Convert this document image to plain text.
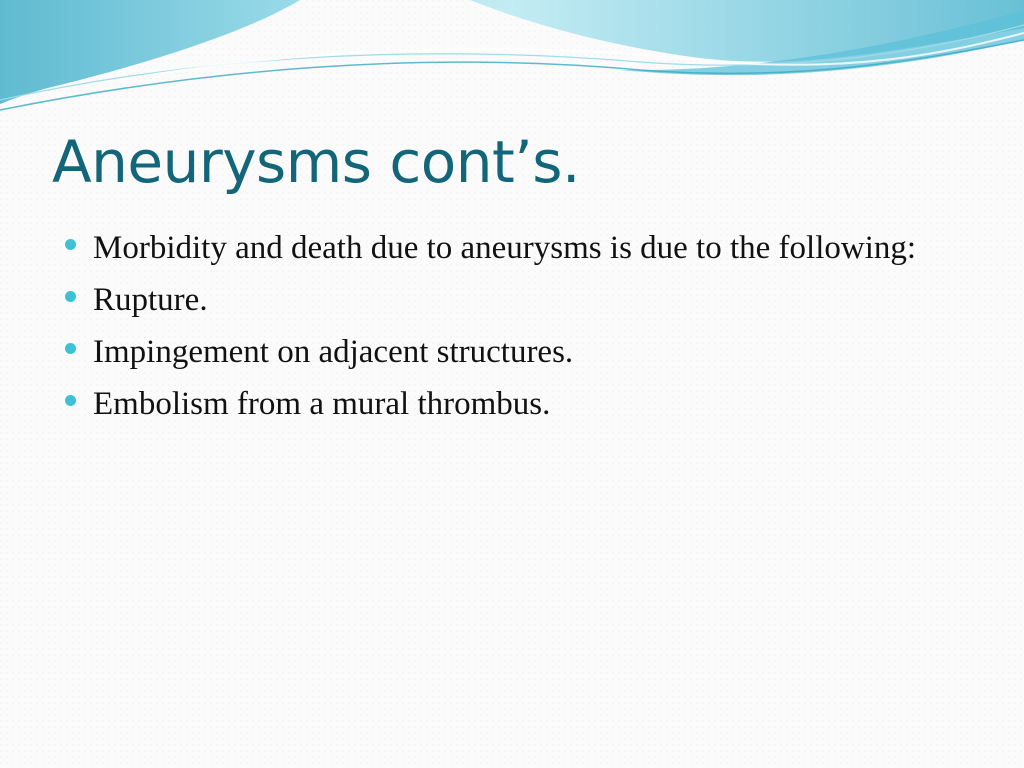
Aneurysms cont’s.
Morbidity and death due to aneurysms is due to the following:
Rupture.
Impingement on adjacent structures.
Embolism from a mural thrombus.
